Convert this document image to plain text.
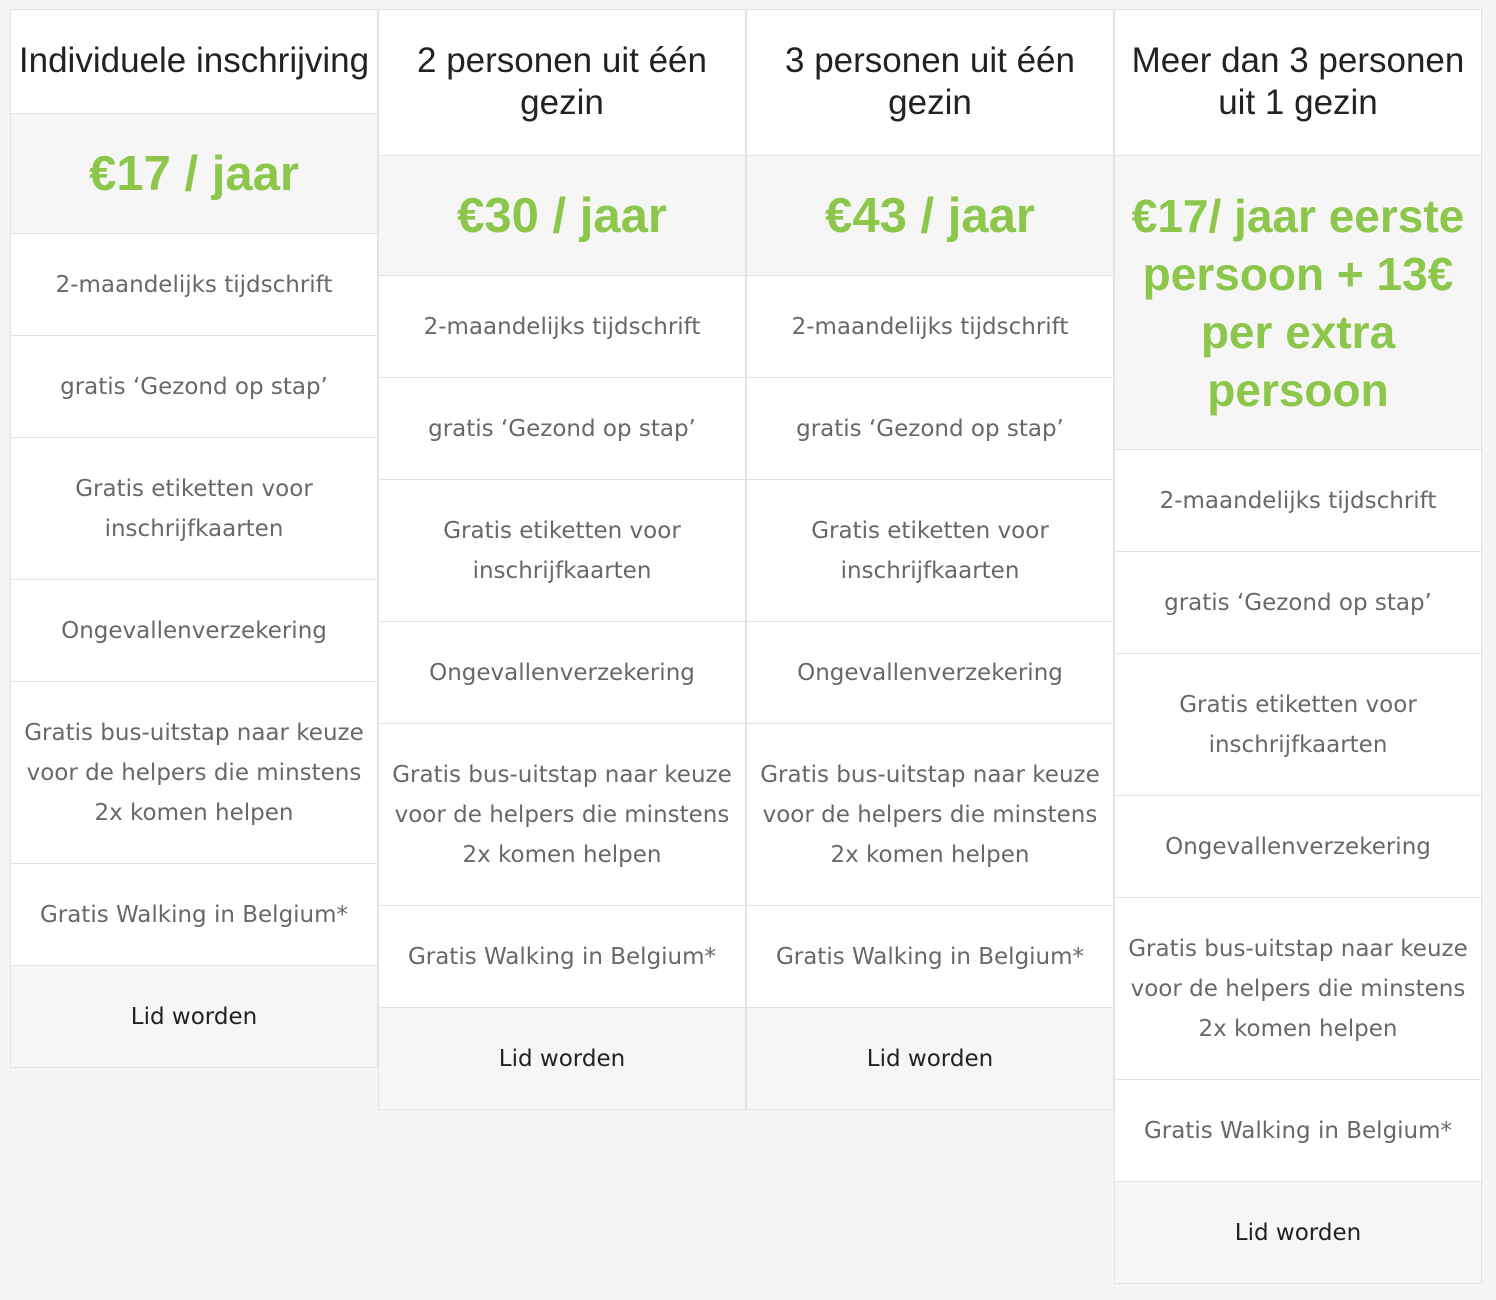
Individuele inschrijving
€17 / jaar
2-maandelijks tijdschrift
gratis ‘Gezond op stap’
Gratis etiketten voor inschrijfkaarten
Ongevallenverzekering
Gratis bus-uitstap naar keuze voor de helpers die minstens 2x komen helpen
Gratis Walking in Belgium*
Lid worden
2 personen uit één gezin
€30 / jaar
2-maandelijks tijdschrift
gratis ‘Gezond op stap’
Gratis etiketten voor inschrijfkaarten
Ongevallenverzekering
Gratis bus-uitstap naar keuze voor de helpers die minstens 2x komen helpen
Gratis Walking in Belgium*
Lid worden
3 personen uit één gezin
€43 / jaar
2-maandelijks tijdschrift
gratis ‘Gezond op stap’
Gratis etiketten voor inschrijfkaarten
Ongevallenverzekering
Gratis bus-uitstap naar keuze voor de helpers die minstens 2x komen helpen
Gratis Walking in Belgium*
Lid worden
Meer dan 3 personen uit 1 gezin
€17/ jaar eerste persoon + 13€ per extra persoon
2-maandelijks tijdschrift
gratis ‘Gezond op stap’
Gratis etiketten voor inschrijfkaarten
Ongevallenverzekering
Gratis bus-uitstap naar keuze voor de helpers die minstens 2x komen helpen
Gratis Walking in Belgium*
Lid worden
